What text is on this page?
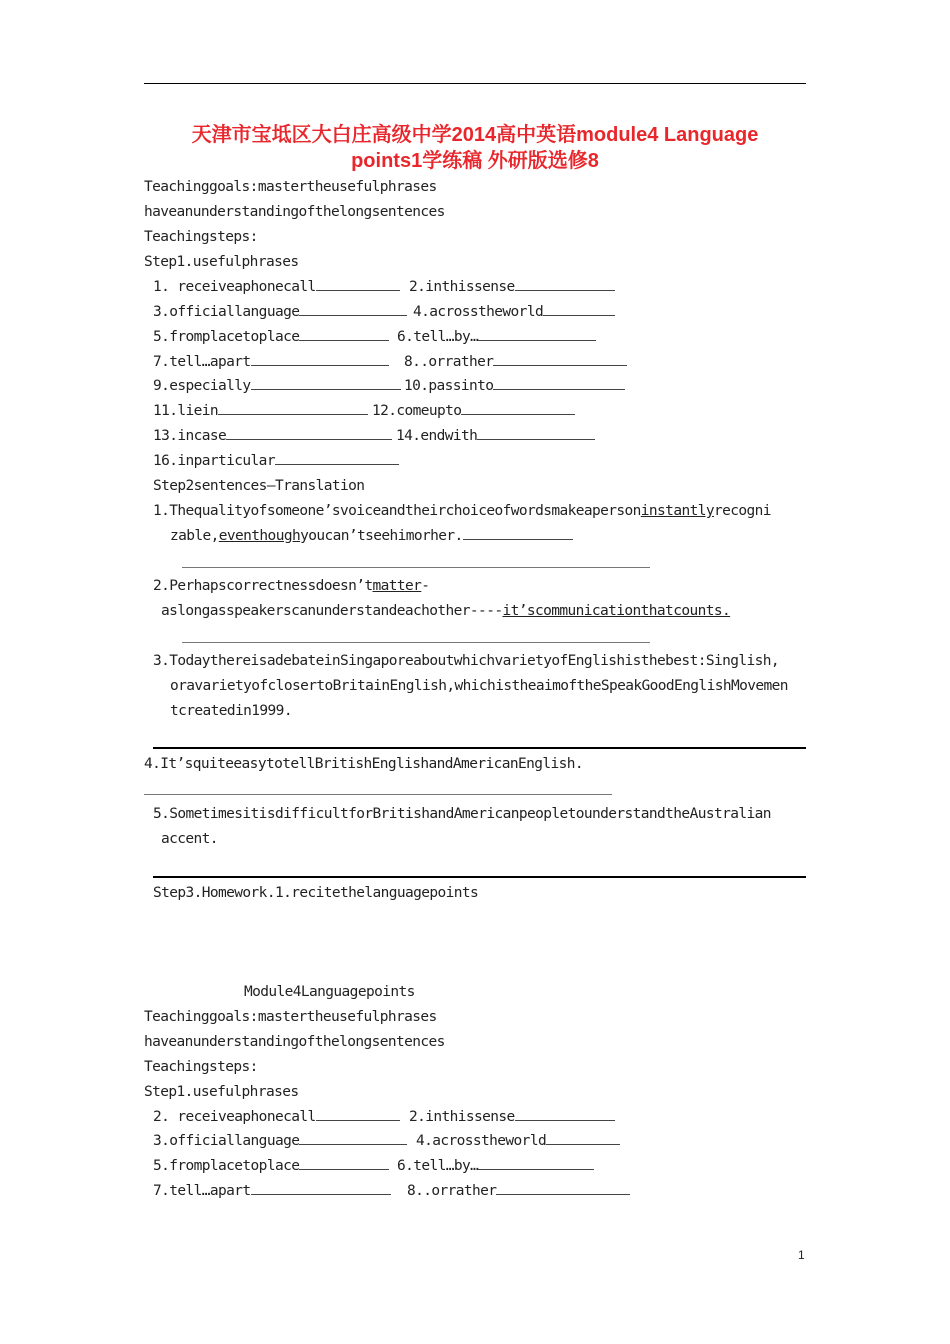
天津市宝坻区大白庄高级中学2014高中英语module4 Language
points1学练稿 外研版选修8
Teachinggoals:mastertheusefulphrases
haveanunderstandingofthelongsentences
Teachingsteps:
Step1.usefulphrases
1. receiveaphonecall	2.inthissense
3.officiallanguage	4.acrosstheworld
5.fromplacetoplace	6.tell…by…
7.tell…apart	8..orrather
9.especially	10.passinto
11.liein	12.comeupto
13.incase	14.endwith
16.inparticular
Step2sentences—Translation
1.Thequalityofsomeone’svoiceandtheirchoiceofwordsmakeapersoninstantlyrecogni
zable,eventhoughyoucan’tseehimorher.
2.Perhapscorrectnessdoesn’tmatter-
aslongasspeakerscanunderstandeachother----it’scommunicationthatcounts.
3.TodaythereisadebateinSingaporeaboutwhichvarietyofEnglishisthebest:Singlish,
oravarietyofclosertoBritainEnglish,whichistheaimoftheSpeakGoodEnglishMovemen
tcreatedin1999.
4.It’squiteeasytotellBritishEnglishandAmericanEnglish.
5.SometimesitisdifficultforBritishandAmericanpeopletounderstandtheAustralian
accent.
Step3.Homework.1.recitethelanguagepoints
Module4Languagepoints
Teachinggoals:mastertheusefulphrases
haveanunderstandingofthelongsentences
Teachingsteps:
Step1.usefulphrases
2. receiveaphonecall	2.inthissense
3.officiallanguage	4.acrosstheworld
5.fromplacetoplace	6.tell…by…
7.tell…apart	8..orrather
1
